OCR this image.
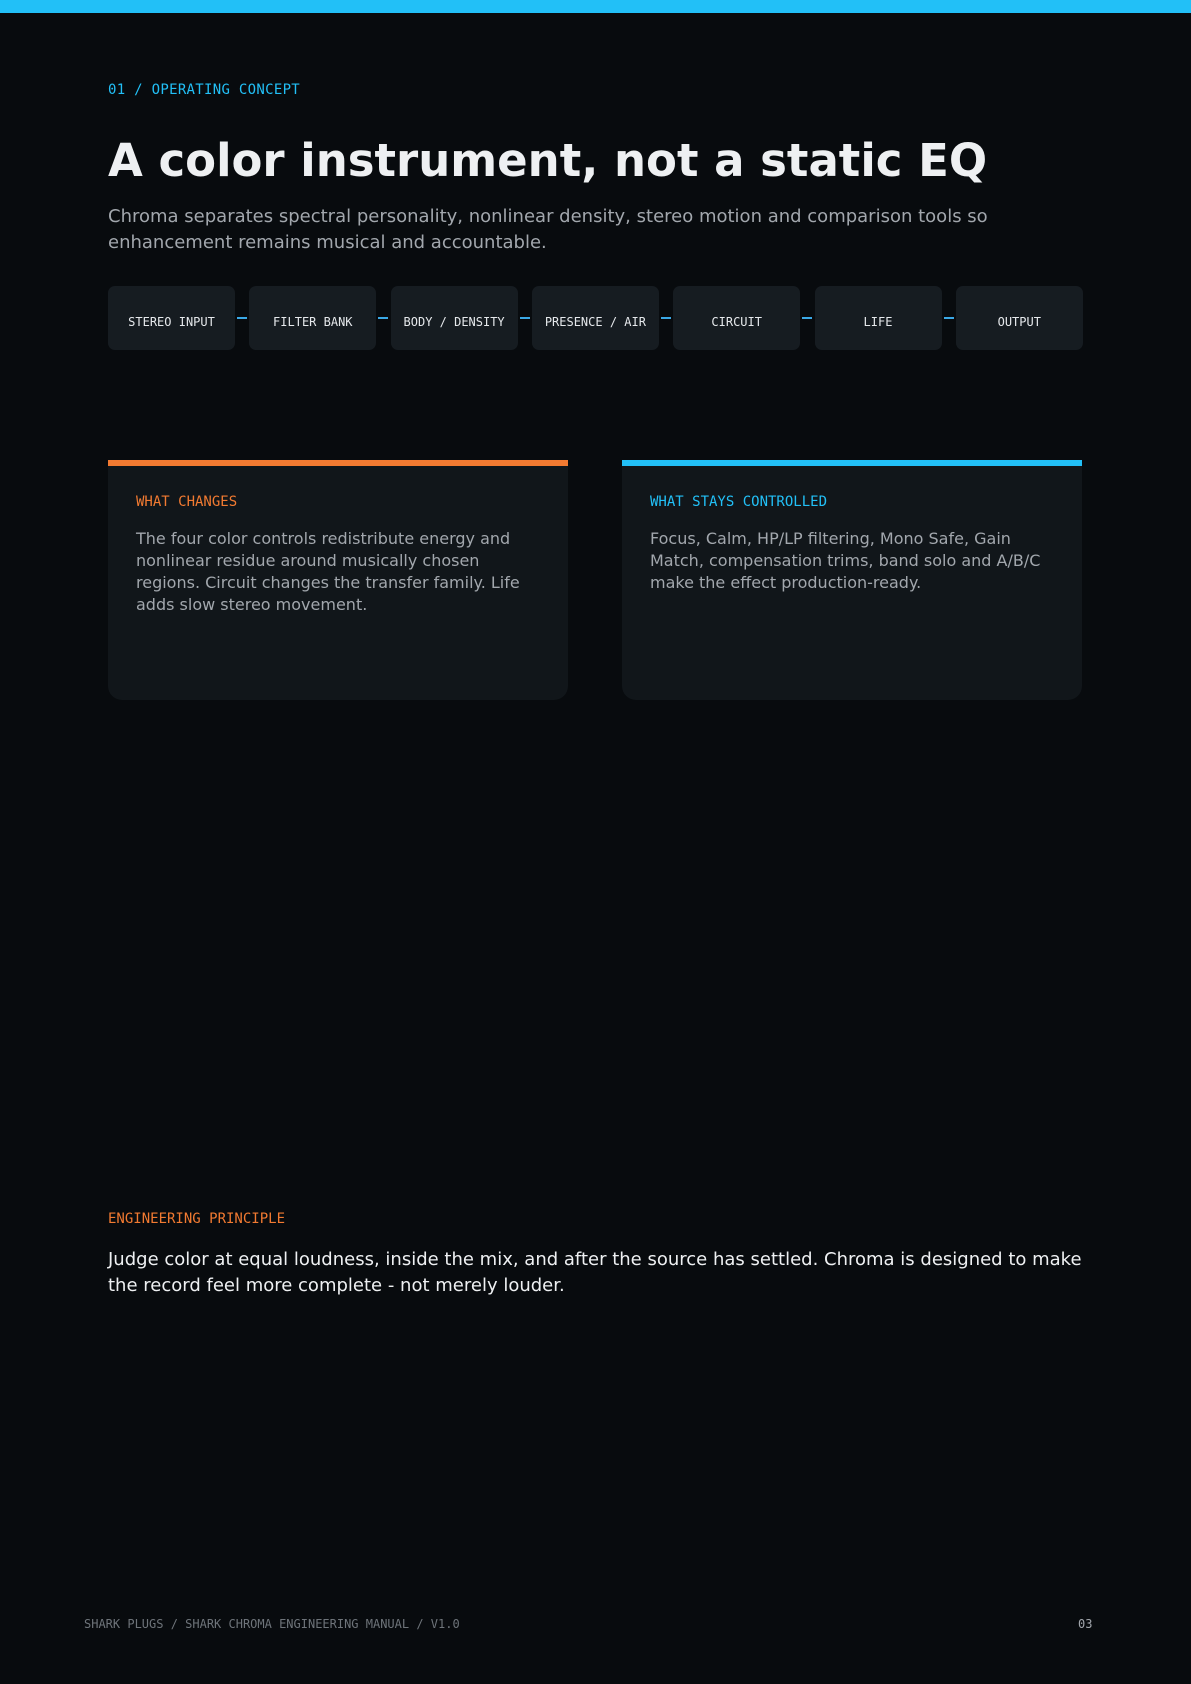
01 / OPERATING CONCEPT
A color instrument, not a static EQ

Chroma separates spectral personality, nonlinear density, stereo motion and comparison tools so enhancement remains musical and accountable.

STEREO INPUT	FILTER BANK	BODY / DENSITY	PRESENCE / AIR	CIRCUIT	LIFE	OUTPUT
WHAT CHANGES

The four color controls redistribute energy and nonlinear residue around musically chosen regions. Circuit changes the transfer family. Life adds slow stereo movement.

WHAT STAYS CONTROLLED

Focus, Calm, HP/LP filtering, Mono Safe, Gain Match, compensation trims, band solo and A/B/C make the effect production-ready.

ENGINEERING PRINCIPLE

Judge color at equal loudness, inside the mix, and after the source has settled. Chroma is designed to make the record feel more complete - not merely louder.

SHARK PLUGS / SHARK CHROMA ENGINEERING MANUAL / V1.0	03
